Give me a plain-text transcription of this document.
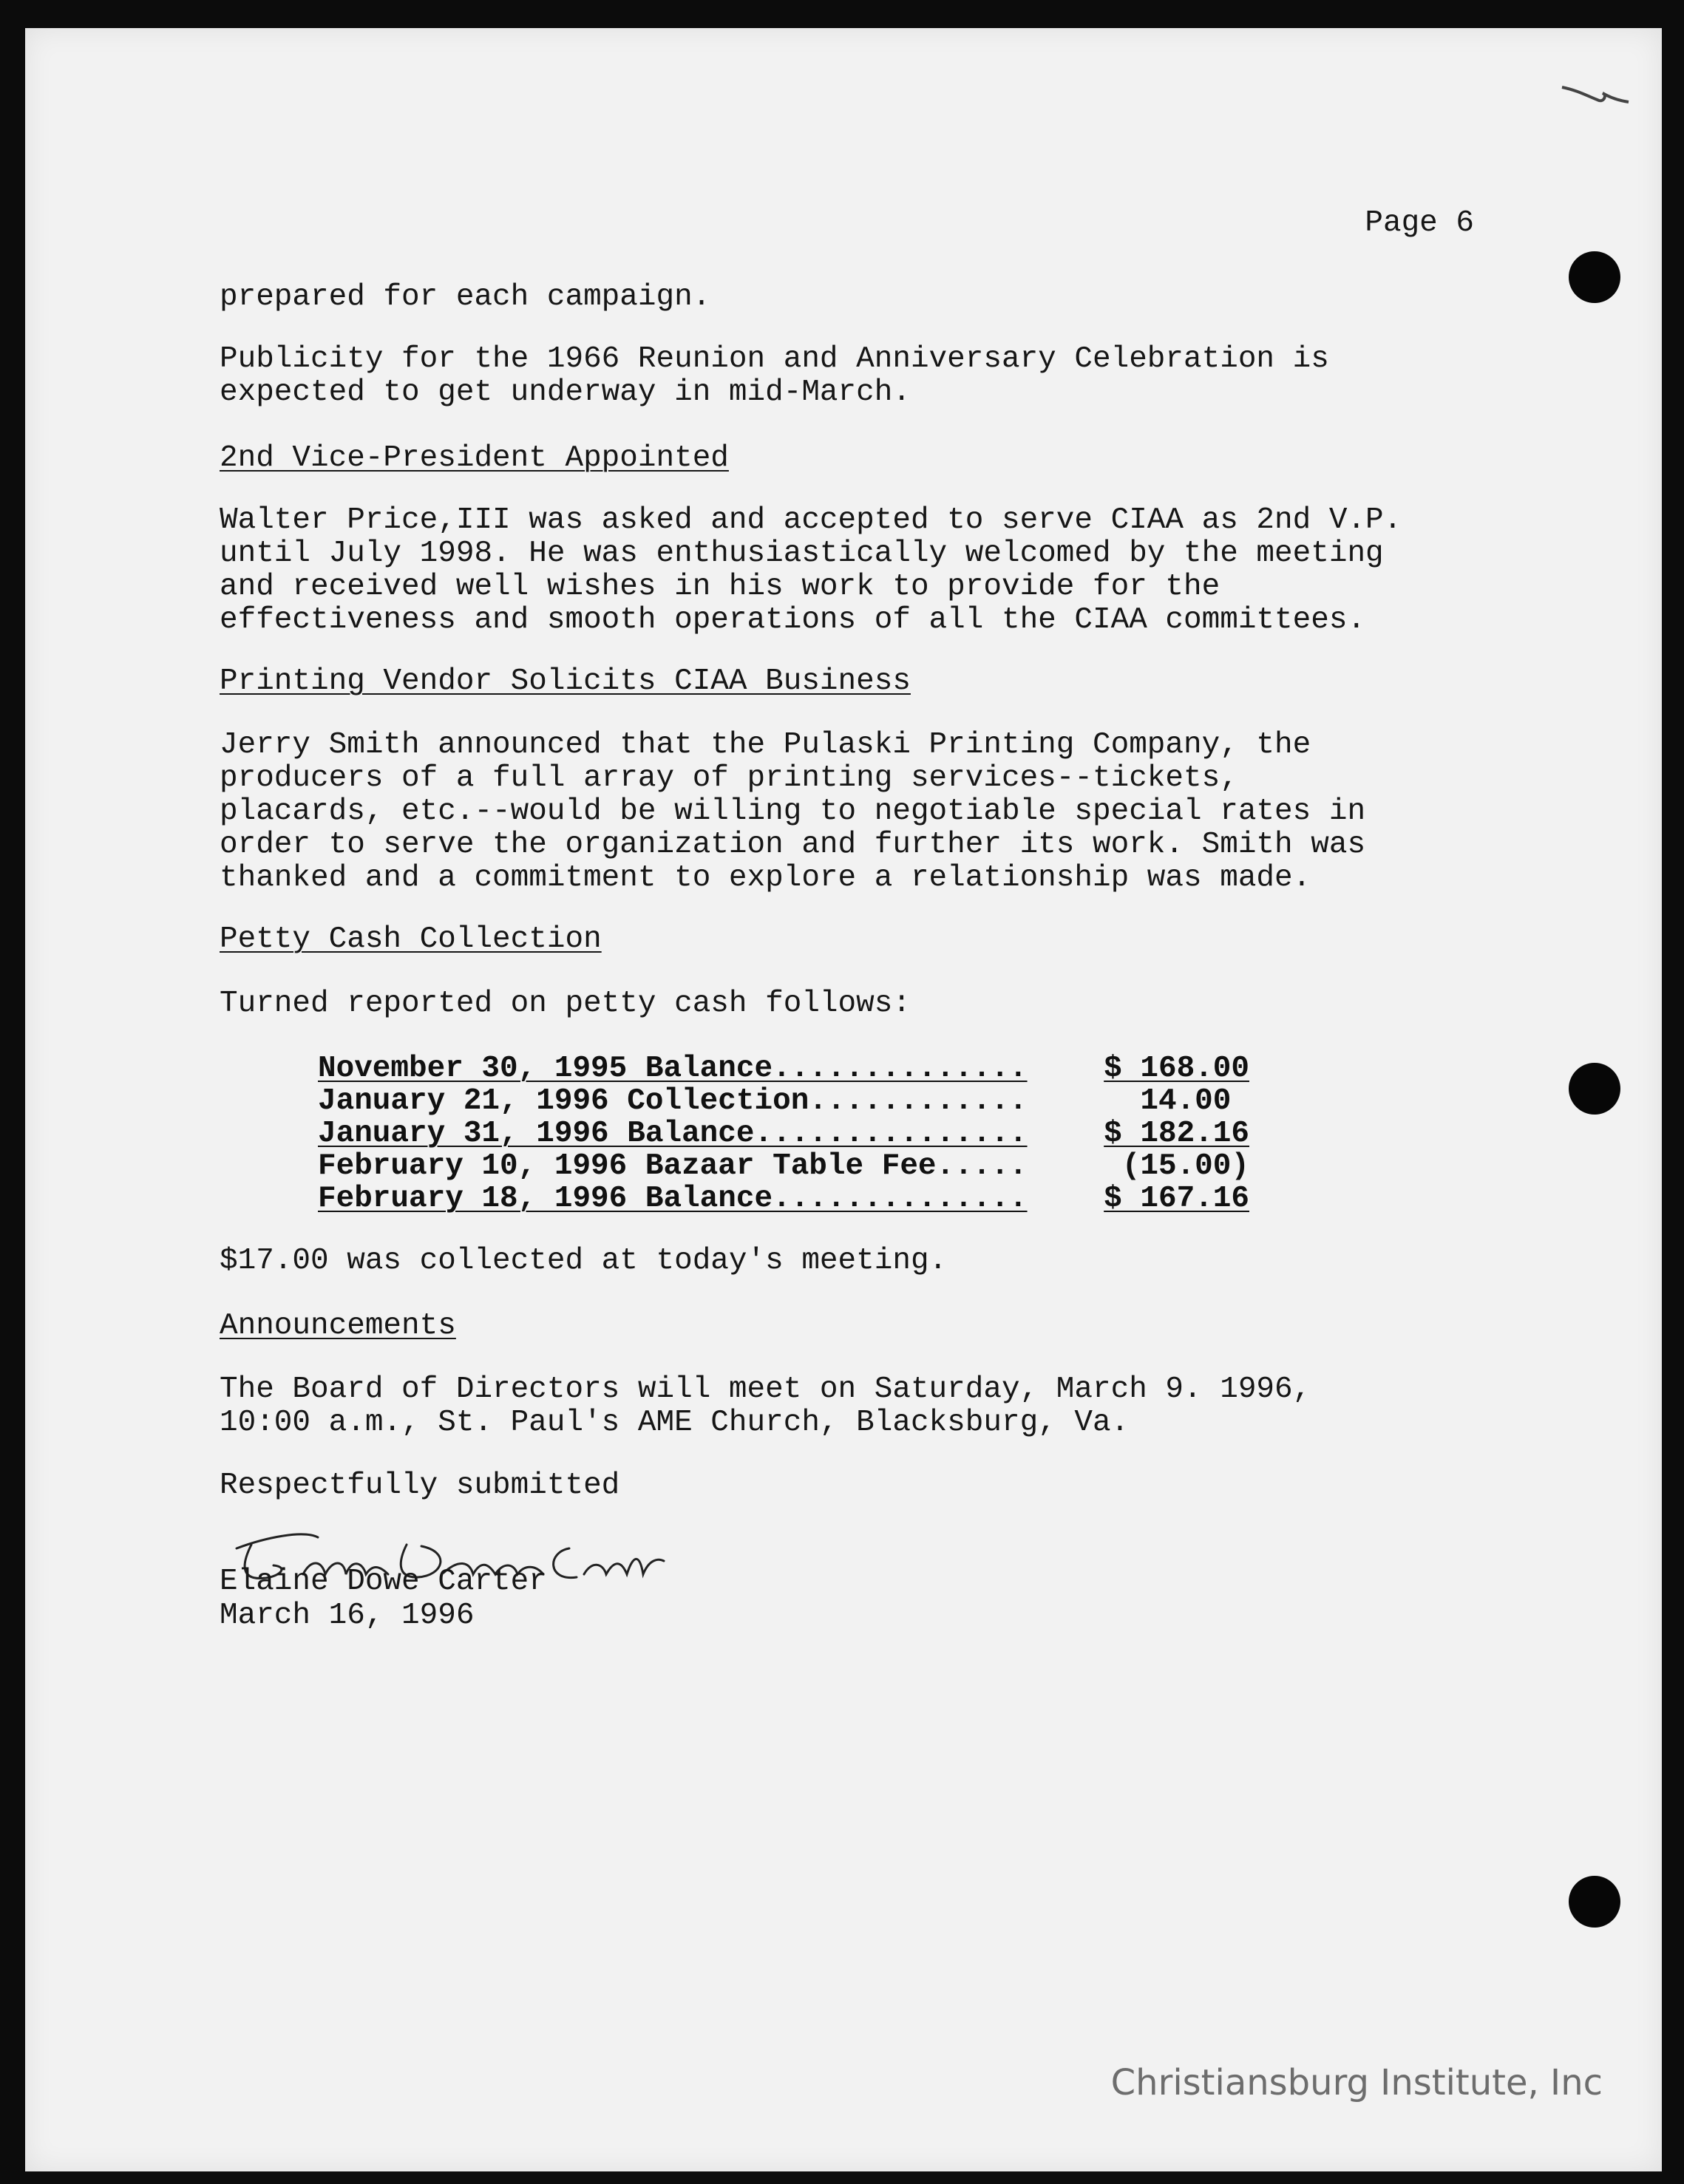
Page 6

prepared for each campaign.

Publicity for the 1966 Reunion and Anniversary Celebration is
expected to get underway in mid-March.

2nd Vice-President Appointed

Walter Price,III was asked and accepted to serve CIAA as 2nd V.P.
until July 1998. He was enthusiastically welcomed by the meeting
and received well wishes in his work to provide for the
effectiveness and smooth operations of all the CIAA committees.

Printing Vendor Solicits CIAA Business

Jerry Smith announced that the Pulaski Printing Company, the
producers of a full array of printing services--tickets,
placards, etc.--would be willing to negotiable special rates in
order to serve the organization and further its work. Smith was
thanked and a commitment to explore a relationship was made.

Petty Cash Collection

Turned reported on petty cash follows:

November 30, 1995 Balance..............	$ 168.00
January 21, 1996 Collection............	14.00
January 31, 1996 Balance...............	$ 182.16
February 10, 1996 Bazaar Table Fee.....	(15.00)
February 18, 1996 Balance..............	$ 167.16

$17.00 was collected at today's meeting.

Announcements

The Board of Directors will meet on Saturday, March 9. 1996,
10:00 a.m., St. Paul's AME Church, Blacksburg, Va.

Respectfully submitted

Elaine Dowe Carter

March 16, 1996

Christiansburg Institute, Inc
